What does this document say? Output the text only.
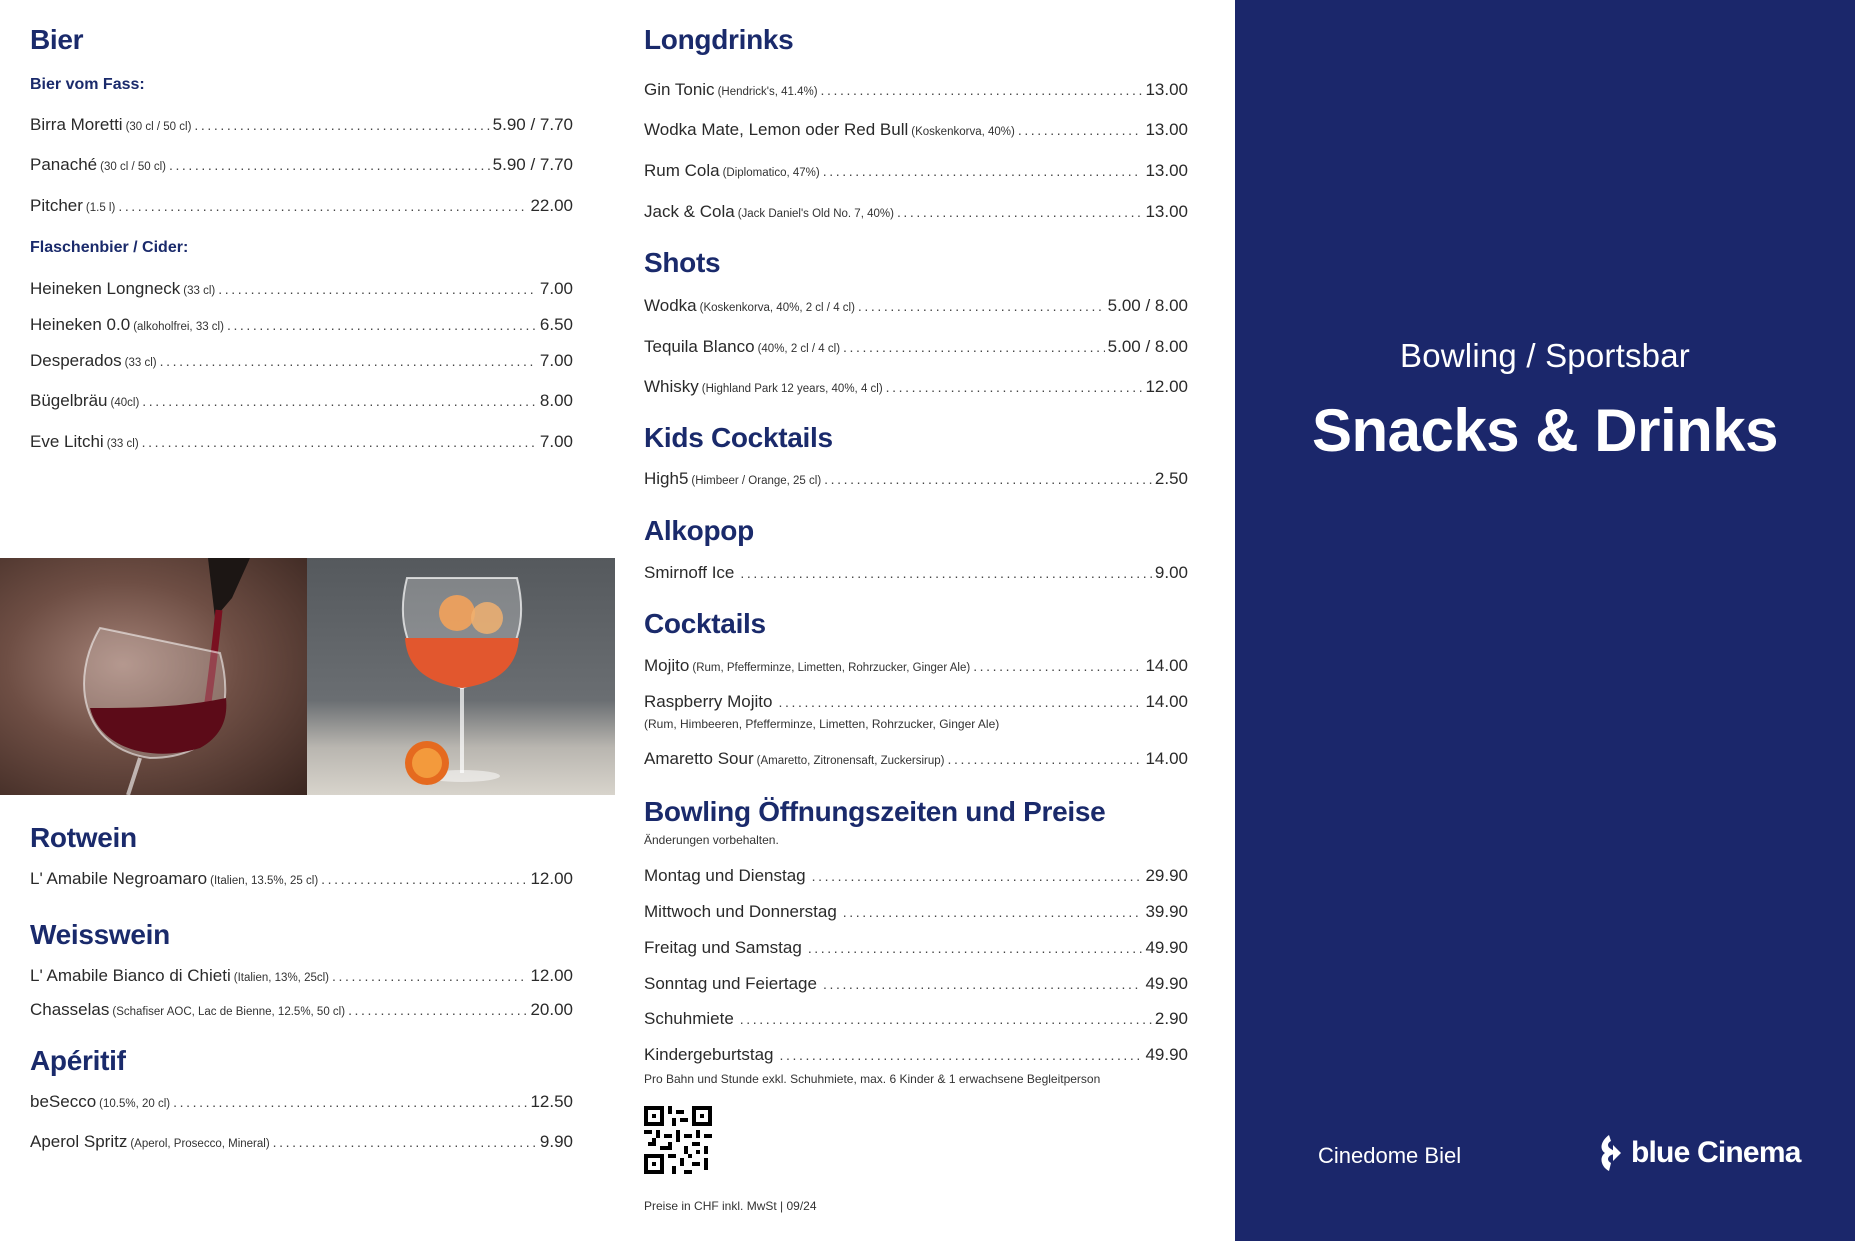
Bier
Bier vom Fass:
Birra Moretti (30 cl / 50 cl) .....	5.90 / 7.70
Panaché (30 cl / 50 cl) .....	5.90 / 7.70
Pitcher (1.5 l) .....	22.00
Flaschenbier / Cider:
Heineken Longneck (33 cl) .....	7.00
Heineken 0.0 (alkoholfrei, 33 cl) .....	6.50
Desperados (33 cl) .....	7.00
Bügelbräu (40cl) .....	8.00
Eve Litchi (33 cl) .....	7.00
Rotwein
L' Amabile Negroamaro (Italien, 13.5%, 25 cl) .....	12.00
Weisswein
L' Amabile Bianco di Chieti (Italien, 13%, 25cl) .....	12.00
Chasselas (Schafiser AOC, Lac de Bienne, 12.5%, 50 cl) .....	20.00
Apéritif
beSecco (10.5%, 20 cl) .....	12.50
Aperol Spritz (Aperol, Prosecco, Mineral) .....	9.90
Longdrinks
Gin Tonic (Hendrick's, 41.4%) .....	13.00
Wodka Mate, Lemon oder Red Bull (Koskenkorva, 40%) .....	13.00
Rum Cola (Diplomatico, 47%) .....	13.00
Jack & Cola (Jack Daniel's Old No. 7, 40%) .....	13.00
Shots
Wodka (Koskenkorva, 40%, 2 cl / 4 cl) .....	5.00 / 8.00
Tequila Blanco (40%, 2 cl / 4 cl) .....	5.00 / 8.00
Whisky (Highland Park 12 years, 40%, 4 cl) .....	12.00
Kids Cocktails
High5 (Himbeer / Orange, 25 cl) .....	2.50
Alkopop
Smirnoff Ice .....	9.00
Cocktails
Mojito (Rum, Pfefferminze, Limetten, Rohrzucker, Ginger Ale) .....	14.00
Raspberry Mojito .....	14.00
(Rum, Himbeeren, Pfefferminze, Limetten, Rohrzucker, Ginger Ale)
Amaretto Sour (Amaretto, Zitronensaft, Zuckersirup) .....	14.00
Bowling Öffnungszeiten und Preise
Änderungen vorbehalten.
Montag und Dienstag .....	29.90
Mittwoch und Donnerstag .....	39.90
Freitag und Samstag .....	49.90
Sonntag und Feiertage .....	49.90
Schuhmiete .....	2.90
Kindergeburtstag .....	49.90
Pro Bahn und Stunde exkl. Schuhmiete, max. 6 Kinder & 1 erwachsene Begleitperson
Preise in CHF inkl. MwSt | 09/24
Bowling / Sportsbar
Snacks & Drinks
Cinedome Biel	blue Cinema
